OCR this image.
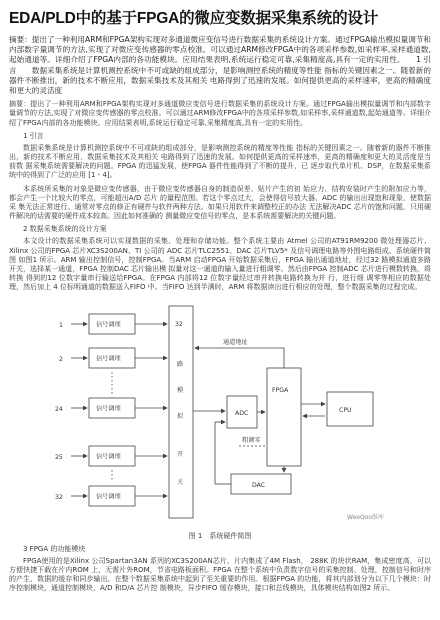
EDA/PLD中的基于FPGA的微应变数据采集系统的设计

摘要：提出了一种利用ARM和FPGA架构实现对多通道微应变信号进行数据采集的系统设计方案。通过FPGA输出模拟量调节和内部数字量调节的方法,实现了对微应变传感器的零点校准。可以通过ARM修改FPGA中的各项采样参数,如采样率,采样通道数,起始通道等。详细介绍了FPGA内部的各功能模块。应用结果表明,系统运行稳定可靠,采集精度高,具有一定的实用性。　　1 引言　　数据采集系统是计算机测控系统中不可或缺的组成部分，是影响测控系统的精度等性能 指标的关键因素之一。随着新的器件不断推出，新的技术不断应用，数据采集技术及其相关 电路得到了迅速的发展。如何提供更高的采样速率，更高的精确度和更大的灵活度

摘要：提出了一种利用ARM和FPGA架构实现对多通道微应变信号进行数据采集的系统设计方案。通过FPGA输出模拟量调节和内部数字量调节的方法,实现了对微应变传感器的零点校准。可以通过ARM修改FPGA中的各项采样参数,如采样率,采样通道数,起始通道等。详细介绍了FPGA内部的各功能模块。应用结果表明,系统运行稳定可靠,采集精度高,具有一定的实用性。

1 引言

数据采集系统是计算机测控系统中不可或缺的组成部分，是影响测控系统的精度等性能 指标的关键因素之一。随着新的器件不断推出，新的技术不断应用，数据采集技术及其相关 电路得到了迅速的发展。如何提供更高的采样速率，更高的精确度和更大的灵活度是当前数 据采集系统需要解决的问题。FPGA 的迅猛发展，使FPGA 器件性能得到了不断的提升，已 逐步取代单片机、DSP，在数据采集系统中的得到了广泛的应用 [1 - 4]。

本系统所采集的对象是微应变传感器，由于微应变传感器自身的制造误差、贴片产生的初 始应力、结构安装时产生的附加应力等，都会产生一个比较大的零点，可能超出A/D 芯片 的量程范围。若这个零点过大，会使得信号放大器、ADC 的输出出现饱和现象，使数据采 集无法正常进行。通常对零点的修正有硬件与软件两种方法。如果只用软件来调整校正的办法 无法解决ADC 芯片的饱和问题，只用硬件解决的话需要的硬件成本较高。因此如何准确的 测量微应变信号的零点，是本系统需要解决的关键问题。

2 数据采集系统的设计方案

本文设计的数据采集系统可以实现数据的采集、处理和存储功能。整个系统主要由 Atmel 公司的AT91RM9200 微处理器芯片、Xilinx 公司的FPGA 芯片XC3S200AN、TI 公司的 ADC 芯片TLC2551、DAC 芯片TLV5* 及信号调理电路等外围电路组成。系统硬件简图 如图1 所示。ARM 输出控制信号，控制FPGA。当ARM 启动FPGA 开始数据采集后，FPGA 输出通道地址，经过32 路模拟通道多路开关，选择某一通道，FPGA 控制DAC 芯片输出模 拟量对这一通道的输入量进行粗调零。然后由FPGA 控制ADC 芯片进行模数转换，将转换 得到的12 位数字量串行输送给FPGA。在FPGA 内部将12 位数字量经过串并转换电路转换为并 行，进行细 调零等相应的数据处理，然后加上 4 位标明通道的数据送入FIFO 中。当FIFO 达到半满时，ARM 将数据读出进行相应的处理，整个数据采集的过程完成。

1
2
24
25
32
信号调理
信号调理
信号调理
信号调理
信号调理
32
路
模
拟
开
关
ADC
FPGA
DAC
CPU
通道地址
粗调零
WeeQoo维库
图 1　系统硬件简图
3 FPGA 的功能模块

FPGA使用的是Xilinx 公司Spartan3AN 系列的XC3S200AN芯片，片内集成了4M Flash， 288K 的块状RAM，集成密度高，可以方便快捷下载在片内ROM 上，无需片外ROM，节省电路板面积。FPGA 在整个系统中负责数字信号的采集控制、处理，控制信号和时序 的产生，数据的缓存和同步输出，在整个数据采集系统中起到了至关重要的作用。根据FPGA 的功能，将其内部划分为以下几个模块：时序控制模块，通道控制模块，A/D 和D/A 芯片控 制模块，异步FIFO 缓存模块，接口和总线模块，具体模块结构如图2 所示。
